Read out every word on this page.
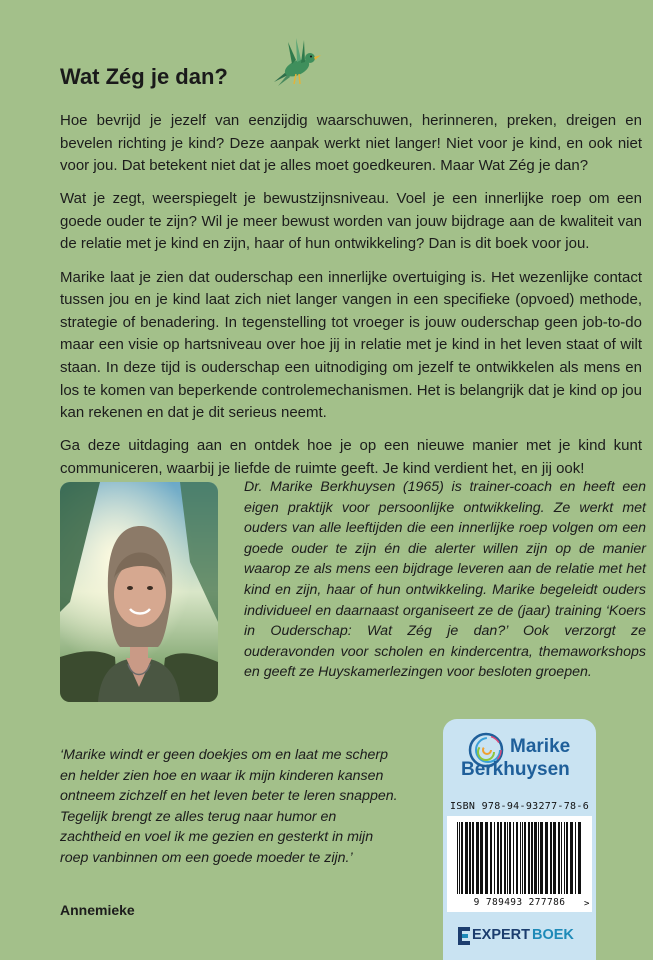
Wat Zég je dan?

Hoe bevrijd je jezelf van eenzijdig waarschuwen, herinneren, preken, dreigen en bevelen richting je kind? Deze aanpak werkt niet langer! Niet voor je kind, en ook niet voor jou. Dat betekent niet dat je alles moet goedkeuren. Maar Wat Zég je dan?

Wat je zegt, weerspiegelt je bewustzijnsniveau. Voel je een innerlijke roep om een goede ouder te zijn? Wil je meer bewust worden van jouw bijdrage aan de kwaliteit van de relatie met je kind en zijn, haar of hun ontwikkeling? Dan is dit boek voor jou.

Marike laat je zien dat ouderschap een innerlijke overtuiging is. Het wezenlijke contact tussen jou en je kind laat zich niet langer vangen in een specifieke (opvoed) methode, strategie of benadering. In tegenstelling tot vroeger is jouw ouderschap geen job-to-do maar een visie op hartsniveau over hoe jij in relatie met je kind in het leven staat of wilt staan. In deze tijd is ouderschap een uitnodiging om jezelf te ontwikkelen als mens en los te komen van beperkende controlemechanismen. Het is belangrijk dat je kind op jou kan rekenen en dat je dit serieus neemt.

Ga deze uitdaging aan en ontdek hoe je op een nieuwe manier met je kind kunt communiceren, waarbij je liefde de ruimte geeft. Je kind verdient het, en jij ook!

Dr. Marike Berkhuysen (1965) is trainer-coach en heeft een eigen praktijk voor persoonlijke ontwikkeling. Ze werkt met ouders van alle leeftijden die een innerlijke roep volgen om een goede ouder te zijn én die alerter willen zijn op de manier waarop ze als mens een bijdrage leveren aan de relatie met het kind en zijn, haar of hun ontwikkeling. Marike begeleidt ouders individueel en daarnaast organiseert ze de (jaar) training ‘Koers in Ouderschap: Wat Zég je dan?’ Ook verzorgt ze ouderavonden voor scholen en kindercentra, themaworkshops en geeft ze Huyskamerlezingen voor besloten groepen.

‘Marike windt er geen doekjes om en laat me scherp en helder zien hoe en waar ik mijn kinderen kansen ontneem zichzelf en het leven beter te leren snappen. Tegelijk brengt ze alles terug naar humor en zachtheid en voel ik me gezien en gesterkt in mijn roep vanbinnen om een goede moeder te zijn.’

Annemieke
Marike
Berkhuysen
ISBN 978-94-93277-78-6
>
9 789493 277786
EXPERT BOEK
